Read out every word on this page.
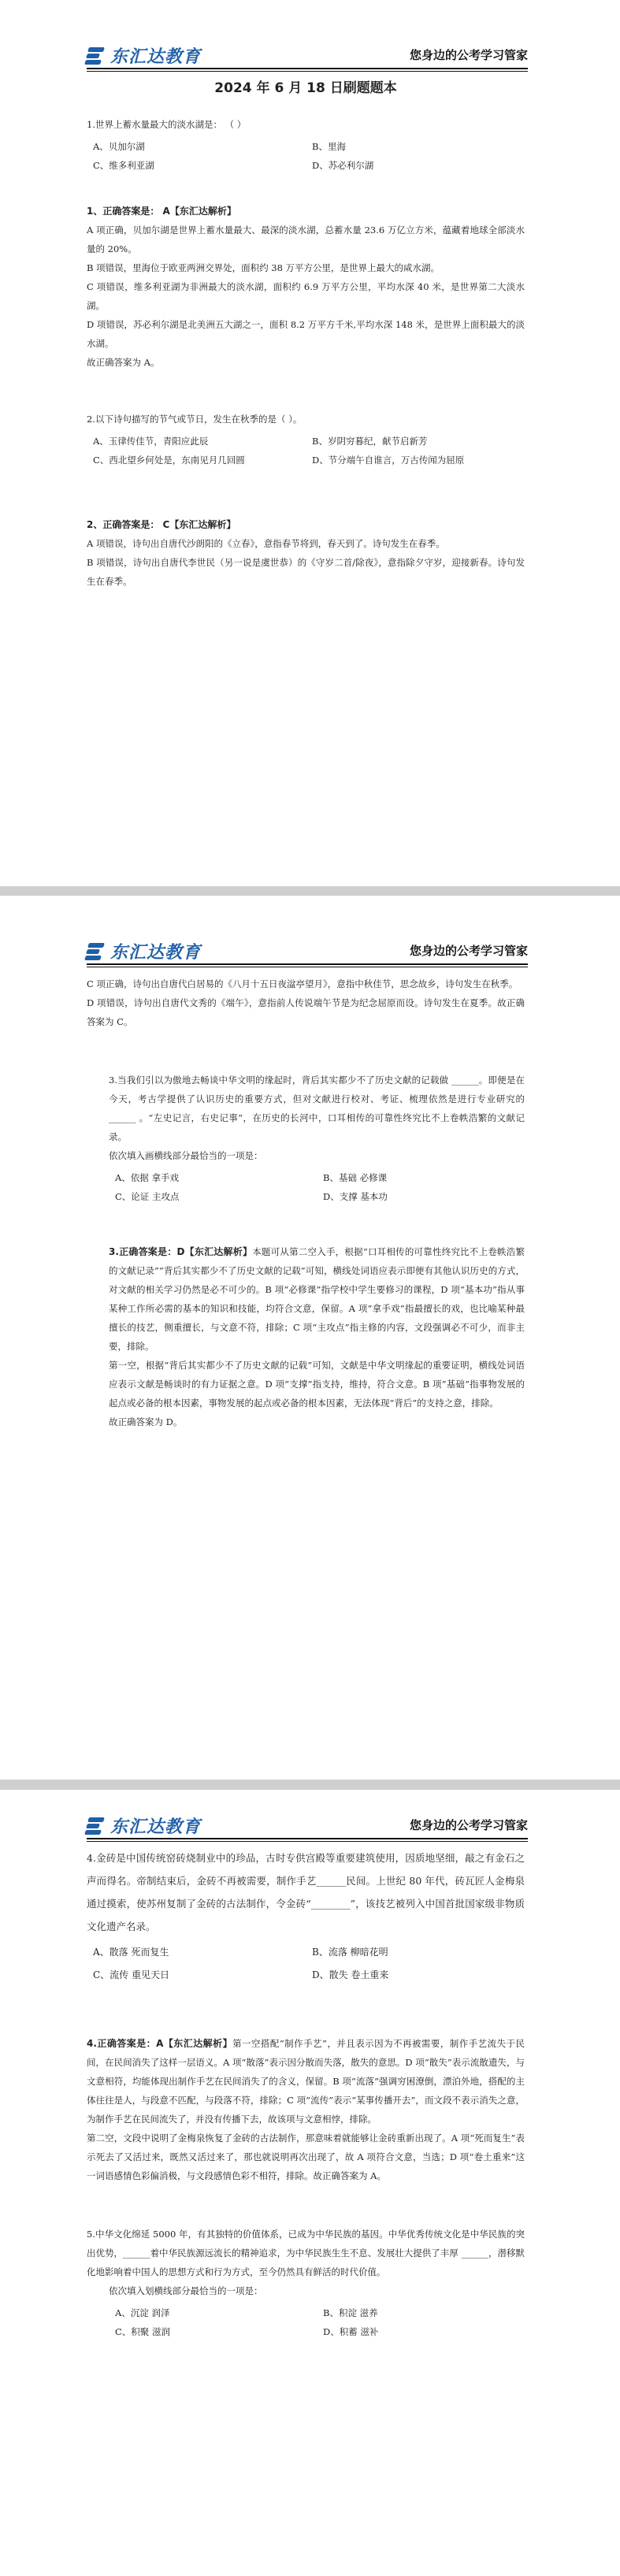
东汇达教育	您身边的公考学习管家
2024 年 6 月 18 日刷题题本

1.世界上蓄水量最大的淡水湖是： （ ）

A、贝加尔湖	B、里海
C、维多利亚湖	D、苏必利尔湖
1、正确答案是： A【东汇达解析】

A 项正确，贝加尔湖是世界上蓄水量最大、最深的淡水湖，总蓄水量 23.6 万亿立方米，蕴藏着地球全部淡水量的 20%。

B 项错误，里海位于欧亚两洲交界处，面积约 38 万平方公里，是世界上最大的咸水湖。

C 项错误，维多利亚湖为非洲最大的淡水湖，面积约 6.9 万平方公里，平均水深 40 米，是世界第二大淡水湖。

D 项错误，苏必利尔湖是北美洲五大湖之一，面积 8.2 万平方千米,平均水深 148 米，是世界上面积最大的淡水湖。

故正确答案为 A。

2.以下诗句描写的节气或节日，发生在秋季的是（ ）。

A、玉律传佳节，青阳应此辰	B、岁阴穷暮纪，献节启新芳
C、西北望乡何处是，东南见月几回圆	D、节分端午自谁言，万古传闻为屈原
2、正确答案是： C【东汇达解析】

A 项错误，诗句出自唐代沙朗阳的《立春》，意指春节将到，春天到了。诗句发生在春季。

B 项错误，诗句出自唐代李世民（另一说是虞世恭）的《守岁二首/除夜》，意指除夕守岁，迎接新春。诗句发生在春季。

东汇达教育	您身边的公考学习管家

C 项正确，诗句出自唐代白居易的《八月十五日夜湓亭望月》，意指中秋佳节，思念故乡，诗句发生在秋季。

D 项错误，诗句出自唐代文秀的《端午》，意指前人传说端午节是为纪念屈原而设。诗句发生在夏季。故正确答案为 C。

3.当我们引以为傲地去畅谈中华文明的缘起时，背后其实都少不了历史文献的记载做 ______。即便是在今天，考古学提供了认识历史的重要方式，但对文献进行校对、考证、梳理依然是进行专业研究的 ______ 。“左史记言，右史记事”，在历史的长河中，口耳相传的可靠性终究比不上卷帙浩繁的文献记录。

依次填入画横线部分最恰当的一项是：

A、依据 拿手戏	B、基础 必修课
C、论证 主攻点	D、支撑 基本功

3.正确答案是：D【东汇达解析】本题可从第二空入手，根据“口耳相传的可靠性终究比不上卷帙浩繁的文献记录”“背后其实都少不了历史文献的记载”可知，横线处词语应表示即便有其他认识历史的方式，对文献的相关学习仍然是必不可少的。B 项“必修课”指学校中学生要修习的课程，D 项“基本功”指从事某种工作所必需的基本的知识和技能，均符合文意，保留。A 项“拿手戏”指最擅长的戏，也比喻某种最擅长的技艺，侧重擅长，与文意不符，排除；C 项“主攻点”指主修的内容，文段强调必不可少，而非主要，排除。

第一空，根据“背后其实都少不了历史文献的记载”可知，文献是中华文明缘起的重要证明，横线处词语应表示文献是畅谈时的有力证据之意。D 项“支撑”指支持，维持，符合文意。B 项“基础”指事物发展的起点或必备的根本因素，事物发展的起点或必备的根本因素，无法体现“背后”的支持之意，排除。

故正确答案为 D。

东汇达教育	您身边的公考学习管家

4.金砖是中国传统窑砖烧制业中的珍品，古时专供宫殿等重要建筑使用，因质地坚细，敲之有金石之声而得名。帝制结束后，金砖不再被需要，制作手艺______民间。上世纪 80 年代，砖瓦匠人金梅泉通过摸索，使苏州复制了金砖的古法制作，令金砖“________”，该技艺被列入中国首批国家级非物质文化遗产名录。

A、散落 死而复生	B、流落 柳暗花明
C、流传 重见天日	D、散失 卷土重来

4.正确答案是：A【东汇达解析】第一空搭配“制作手艺”，并且表示因为不再被需要，制作手艺流失于民间，在民间消失了这样一层语义。A 项“散落”表示因分散而失落，散失的意思。D 项“散失”表示流散遗失，与文意相符，均能体现出制作手艺在民间消失了的含义，保留。B 项“流落”强调穷困潦倒，漂泊外地，搭配的主体往往是人，与段意不匹配，与段落不符，排除；C 项“流传”表示“某事传播开去”，而文段不表示消失之意，为制作手艺在民间流失了，并没有传播下去，故该项与文意相悖，排除。

第二空，文段中说明了金梅泉恢复了金砖的古法制作，那意味着就能够让金砖重新出现了。A 项“死而复生”表示死去了又活过来，既然又活过来了，那也就说明再次出现了，故 A 项符合文意，当选；D 项“卷土重来”这一词语感情色彩偏消极，与文段感情色彩不相符，排除。故正确答案为 A。

5.中华文化绵延 5000 年，有其独特的价值体系，已成为中华民族的基因。中华优秀传统文化是中华民族的突出优势，______着中华民族源远流长的精神追求，为中华民族生生不息、发展壮大提供了丰厚 ______，潜移默化地影响着中国人的思想方式和行为方式，至今仍然具有鲜活的时代价值。

依次填入划横线部分最恰当的一项是：

A、沉淀 润泽	B、积淀 滋养
C、积聚 滋润	D、积蓄 滋补
